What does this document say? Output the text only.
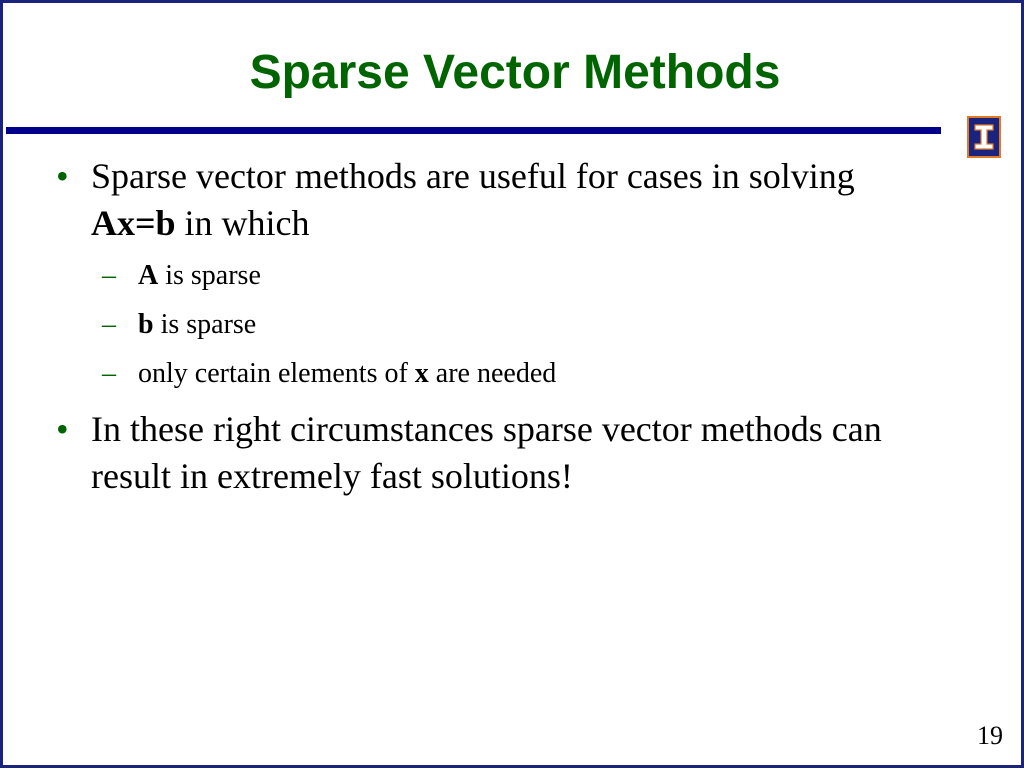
Sparse Vector Methods
• Sparse vector methods are useful for cases in solving
Ax=b in which
– A is sparse
– b is sparse
– only certain elements of x are needed
• In these right circumstances sparse vector methods can
result in extremely fast solutions!
19
